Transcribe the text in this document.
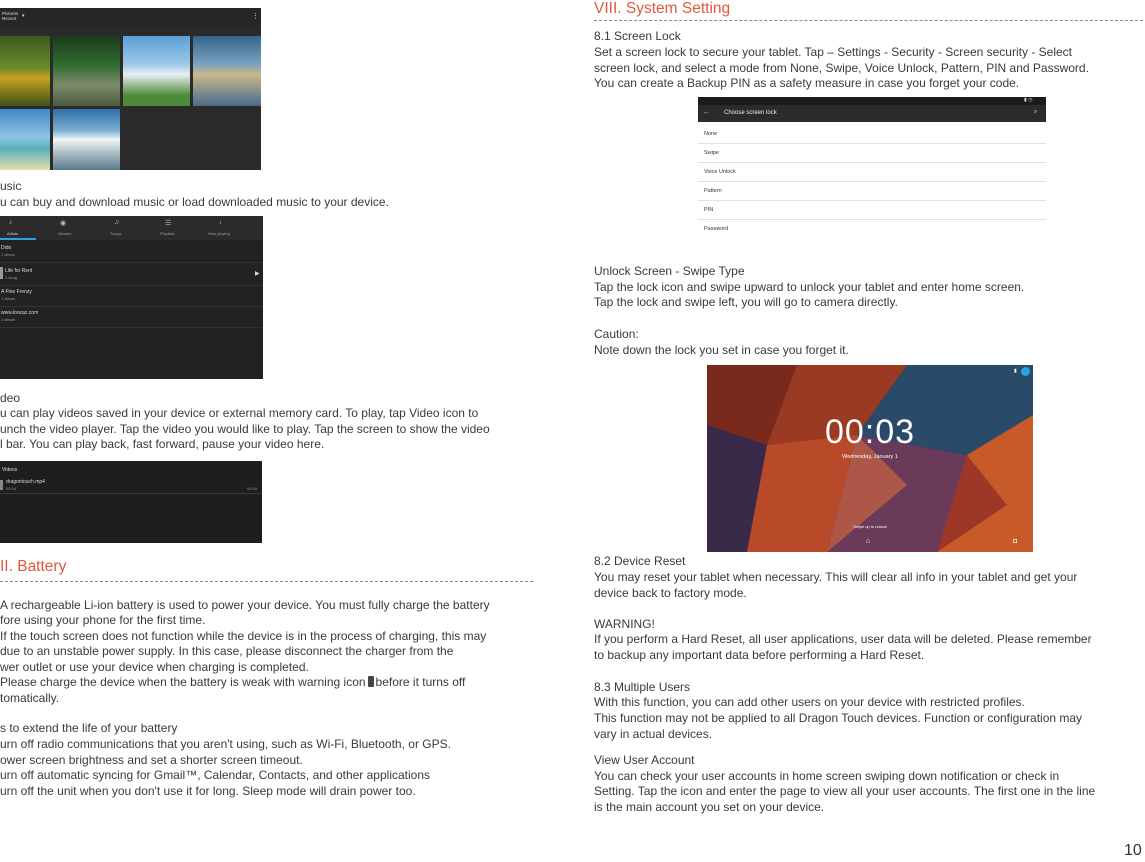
Pictures
Recent	▾	⋮
usic
u can buy and download music or load downloaded music to your device.
♪
Artists
◉
Albums
♫
Songs
☰
Playlists
♩
Now playing
Dido
1 album
Life for Rent
1 song
▶
A Fine Frenzy
1 album
www.loozaz.com
1 album
deo
u can play videos saved in your device or external memory card. To play, tap Video icon to
unch the video player. Tap the video you would like to play. Tap the screen to show the video
l bar. You can play back, fast forward, pause your video here.
Videos
dragontouch.mp4
00:04	00:04
II. Battery
A rechargeable Li-ion battery is used to power your device. You must fully charge the battery
fore using your phone for the first time.
If the touch screen does not function while the device is in the process of charging, this may
due to an unstable power supply. In this case, please disconnect the charger from the
wer outlet or use your device when charging is completed.
Please charge the device when the battery is weak with warning icon before it turns off
tomatically.
s to extend the life of your battery
urn off radio communications that you aren't using, such as Wi-Fi, Bluetooth, or GPS.
ower screen brightness and set a shorter screen timeout.
urn off automatic syncing for Gmail™, Calendar, Contacts, and other applications
urn off the unit when you don't use it for long. Sleep mode will drain power too.
VIII. System Setting
8.1 Screen Lock
Set a screen lock to secure your tablet. Tap – Settings - Security - Screen security - Select
screen lock, and select a mode from None, Swipe, Voice Unlock, Pattern, PIN and Password.
You can create a Backup PIN as a safety measure in case you forget your code.
▮ ◷
← Choose screen lock	⌕
None
Swipe
Voice Unlock
Pattern
PIN
Password
Unlock Screen - Swipe Type
Tap the lock icon and swipe upward to unlock your tablet and enter home screen.
Tap the lock and swipe left, you will go to camera directly.
Caution:
Note down the lock you set in case you forget it.
▮
00:03
Wednesday, January 1
Swipe up to unlock
⌂	◘
8.2 Device Reset
You may reset your tablet when necessary. This will clear all info in your tablet and get your
device back to factory mode.
WARNING!
If you perform a Hard Reset, all user applications, user data will be deleted. Please remember
to backup any important data before performing a Hard Reset.
8.3 Multiple Users
With this function, you can add other users on your device with restricted profiles.
This function may not be applied to all Dragon Touch devices. Function or configuration may
vary in actual devices.
View User Account
You can check your user accounts in home screen swiping down notification or check in
Setting. Tap the icon and enter the page to view all your user accounts. The first one in the line
is the main account you set on your device.
10
